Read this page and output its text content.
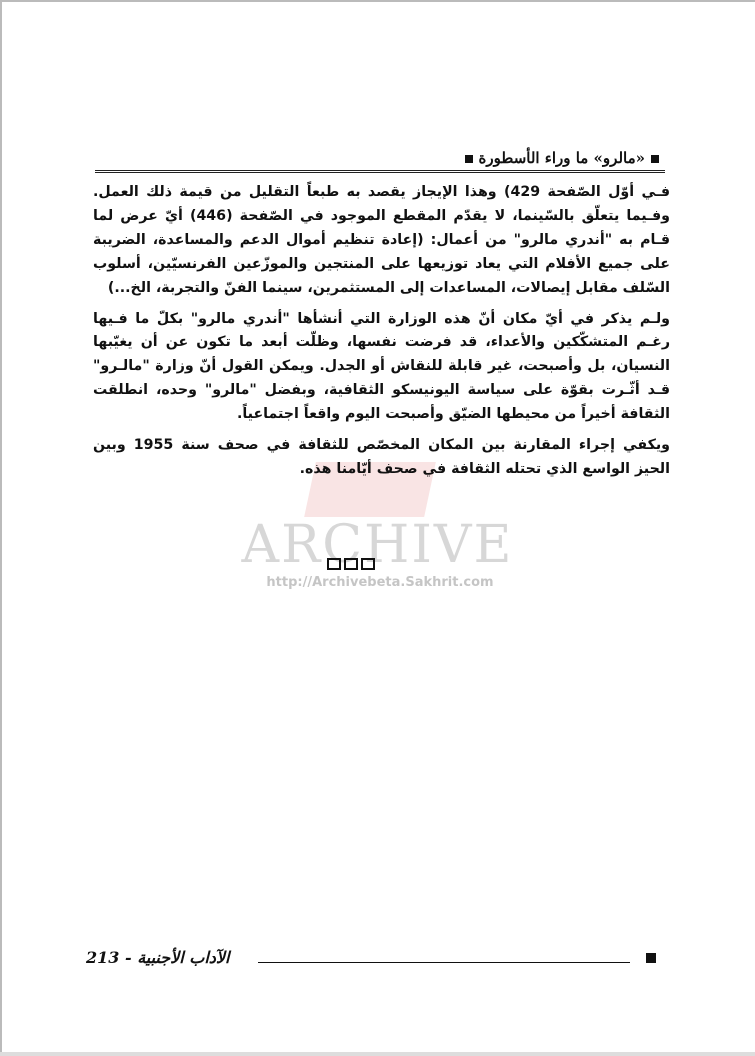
«مالرو» ما وراء الأسطورة

فـي أوّل الصّفحة 429) وهذا الإيجاز يقصد به طبعاً التقليل من قيمة ذلك العمل. وفـيما يتعلّق بالسّينما، لا يقدّم المقطع الموجود في الصّفحة (446) أيّ عرض لما قـام به "أندري مالرو" من أعمال: (إعادة تنظيم أموال الدعم والمساعدة، الضريبة على جميع الأفلام التي يعاد توزيعها على المنتجين والموزّعين الفرنسيّين، أسلوب السّلف مقابل إيصالات، المساعدات إلى المستثمرين، سينما الفنّ والتجربة، الخ...)

ولـم يذكر في أيّ مكان أنّ هذه الوزارة التي أنشأها "أندري مالرو" بكلّ ما فـيها رغـم المتشكّكين والأعداء، قد فرضت نفسها، وظلّت أبعد ما تكون عن أن يغيّبها النسيان، بل وأصبحت، غير قابلة للنقاش أو الجدل. ويمكن القول أنّ وزارة "مالـرو" قـد أثّـرت بقوّة على سياسة اليونيسكو الثقافية، وبفضل "مالرو" وحده، انطلقت الثقافة أخيراً من محيطها الضيّق وأصبحت اليوم واقعاً اجتماعياً.

ويكفي إجراء المقارنة بين المكان المخصّص للثقافة في صحف سنة 1955 وبين الحيز الواسع الذي تحتله الثقافة في صحف أيّامنا هذه.

ARCHIVE
http://Archivebeta.Sakhrit.com
الآداب الأجنبية - 213
